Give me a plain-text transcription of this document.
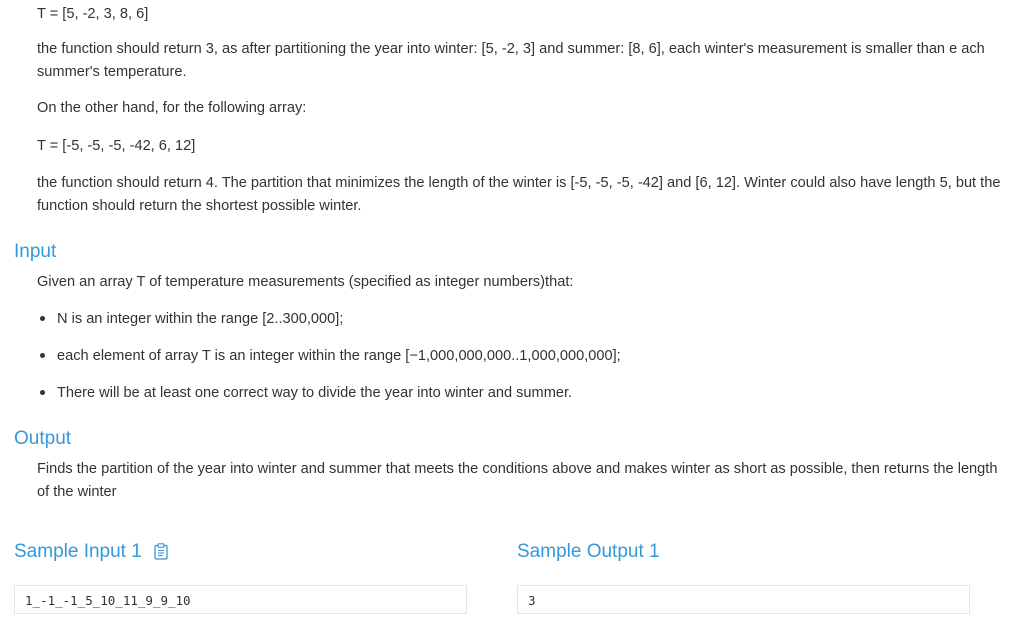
T = [5, -2, 3, 8, 6]
the function should return 3, as after partitioning the year into winter: [5, -2, 3] and summer: [8, 6], each winter's measurement is smaller than e ach summer's temperature.
On the other hand, for the following array:
T = [-5, -5, -5, -42, 6, 12]
the function should return 4. The partition that minimizes the length of the winter is [-5, -5, -5, -42] and [6, 12]. Winter could also have length 5, but the function should return the shortest possible winter.
Input
Given an array T of temperature measurements (specified as integer numbers)that:
N is an integer within the range [2..300,000];
each element of array T is an integer within the range [−1,000,000,000..1,000,000,000];
There will be at least one correct way to divide the year into winter and summer.
Output
Finds the partition of the year into winter and summer that meets the conditions above and makes winter as short as possible, then returns the length of the winter
Sample Input 1	Sample Output 1
1_-1_-1_5_10_11_9_9_10	3
